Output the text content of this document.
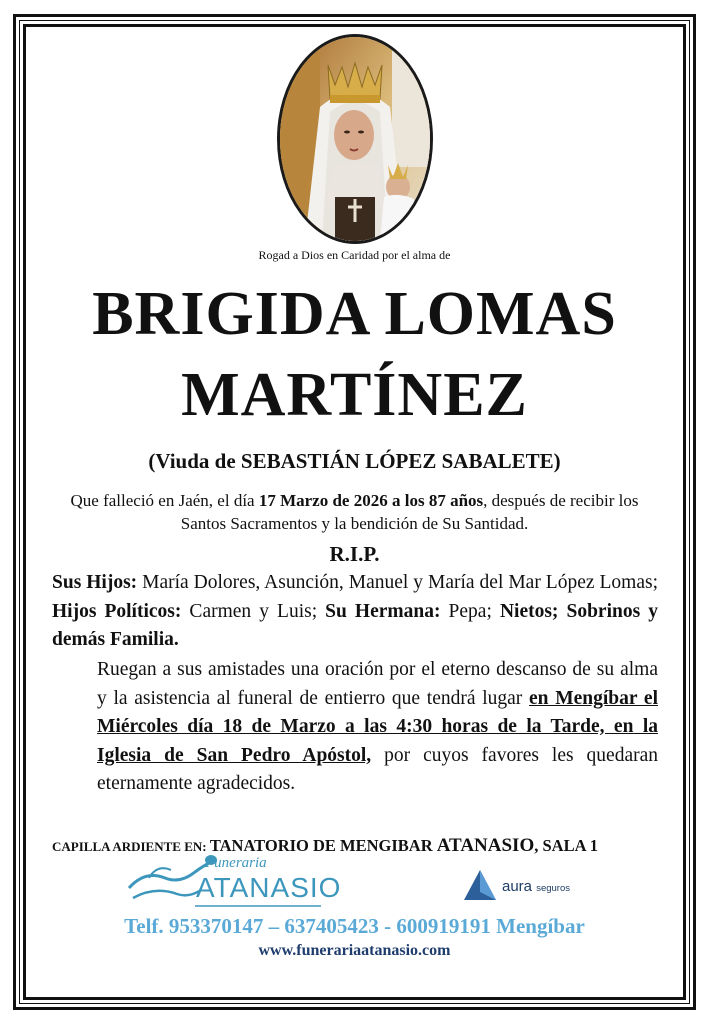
Rogad a Dios en Caridad por el alma de
BRIGIDA LOMAS
MARTÍNEZ
(Viuda de SEBASTIÁN LÓPEZ SABALETE)
Que falleció en Jaén, el día 17 Marzo de 2026 a los 87 años, después de recibir los Santos Sacramentos y la bendición de Su Santidad.
R.I.P.
Sus Hijos: María Dolores, Asunción, Manuel y María del Mar López Lomas; Hijos Políticos: Carmen y Luis; Su Hermana: Pepa; Nietos; Sobrinos y demás Familia.
Ruegan a sus amistades una oración por el eterno descanso de su alma y la asistencia al funeral de entierro que tendrá lugar en Mengíbar el Miércoles día 18 de Marzo a las 4:30 horas de la Tarde, en la Iglesia de San Pedro Apóstol, por cuyos favores les quedaran eternamente agradecidos.
CAPILLA ARDIENTE EN: TANATORIO DE MENGIBAR ATANASIO, SALA 1
Funeraria
ATANASIO	aura seguros
Telf. 953370147 – 637405423 - 600919191 Mengíbar
www.funerariaatanasio.com
